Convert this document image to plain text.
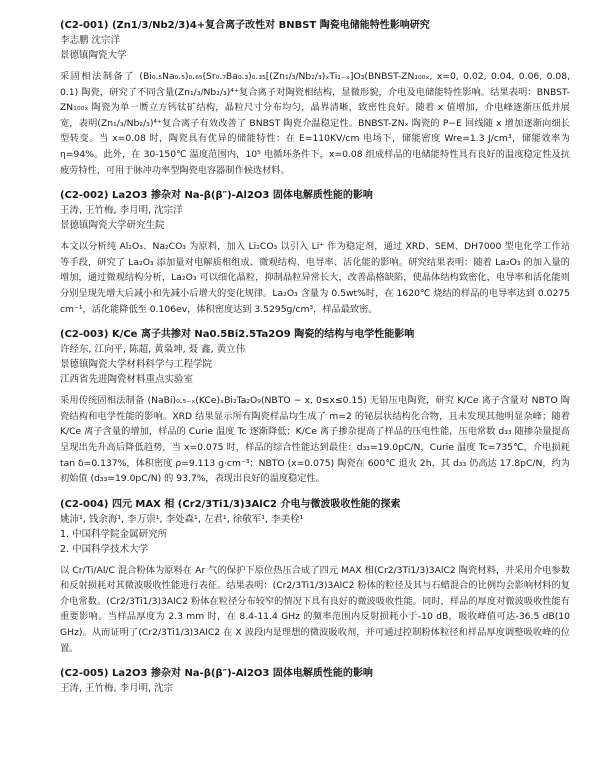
(C2-001) (Zn1/3/Nb2/3)4+复合离子改性对 BNBST 陶瓷电储能特性影响研究

李志鹏 沈宗洋

景德镇陶瓷大学

采固相法制备了 (Bi₀.₅Na₀.₅)₀.₆₅(Sr₀.₇Ba₀.₃)₀.₃₅[(Zn₁/₃/Nb₂/₃)ₓTi₁₋ₓ]O₃(BNBST-ZN₁₀₀ₓ, x=0, 0.02, 0.04, 0.06, 0.08, 0.1) 陶瓷，研究了不同含量(Zn₁/₃/Nb₂/₃)⁴⁺复合离子对陶瓷相结构，显微形貌，介电及电储能特性影响。结果表明：BNBST-ZN₁₀₀ₓ 陶瓷为单一赝立方钙钛矿结构，晶粒尺寸分布均匀，晶界清晰，致密性良好。随着 x 值增加，介电峰逐渐压低并展宽，表明(Zn₁/₃/Nb₂/₃)⁴⁺复合离子有效改善了 BNBST 陶瓷介温稳定性。BNBST-ZNₓ 陶瓷的 P−E 回线随 x 增加逐渐向细长型转变。当 x=0.08 时，陶瓷具有优异的储能特性：在 E=110KV/cm 电场下，储能密度 Wre=1.3 J/cm³，储能效率为 η=94%。此外，在 30-150℃ 温度范围内，10⁵ 电循环条件下，x=0.08 组成样品的电储能特性具有良好的温度稳定性及抗疲劳特性，可用于脉冲功率型陶瓷电容器制作候选材料。

(C2-002) La2O3 掺杂对 Na-β(β″)-Al2O3 固体电解质性能的影响

王涛, 王竹梅, 李月明, 沈宗洋

景德镇陶瓷大学研究生院

本文以分析纯 Al₂O₃、Na₂CO₃ 为原料，加入 Li₂CO₃ 以引入 Li⁺ 作为稳定剂，通过 XRD、SEM、DH7000 型电化学工作站等手段，研究了 La₂O₃ 添加量对电解质相组成、微观结构、电导率、活化能的影响。研究结果表明：随着 La₂O₃ 的加入量的增加，通过微观结构分析，La₂O₃ 可以细化晶粒，抑制晶粒异常长大，改善晶格缺陷，使晶体结构致密化，电导率和活化能则分别呈现先增大后减小和先减小后增大的变化规律。La₂O₃ 含量为 0.5wt%时，在 1620℃ 烧结的样品的电导率达到 0.0275 cm⁻¹，活化能降低至 0.106ev，体积密度达到 3.5295g/cm³，样品最致密。

(C2-003) K/Ce 离子共掺对 Na0.5Bi2.5Ta2O9 陶瓷的结构与电学性能影响

许经东, 江向平, 陈超, 黄枭坤, 聂 鑫, 黄立伟

景德镇陶瓷大学材料科学与工程学院

江西省先进陶瓷材料重点实验室

采用传统固相法制备 (NaBi)₀.₅₋ₓ(KCe)ₓBi₂Ta₂O₉(NBTO − x, 0≤x≤0.15) 无铅压电陶瓷，研究 K/Ce 离子含量对 NBTO 陶瓷结构和电学性能的影响。XRD 结果显示所有陶瓷样品均生成了 m=2 的铋层状结构化合物，且未发现其他明显杂峰；随着 K/Ce 离子含量的增加，样品的 Curie 温度 Tc 逐渐降低；K/Ce 离子掺杂提高了样品的压电性能，压电常数 d₃₃ 随掺杂量提高呈现出先升高后降低趋势，当 x=0.075 时，样品的综合性能达到最佳：d₃₃=19.0pC/N，Curie 温度 Tc=735℃，介电损耗 tan δ=0.137%，体积密度 ρ=9.113 g·cm⁻³；NBTO (x=0.075) 陶瓷在 600℃ 退火 2h，其 d₃₃ 仍高达 17.8pC/N，约为初始值 (d₃₃=19.0pC/N) 的 93.7%，表现出良好的温度稳定性。

(C2-004) 四元 MAX 相 (Cr2/3Ti1/3)3AlC2 介电与微波吸收性能的探索

姚沛¹, 钱余海¹, 李万崇¹, 李处森¹, 左君¹, 徐敬军¹, 李美栓¹

1. 中国科学院金属研究所

2. 中国科学技术大学

以 Cr/Ti/Al/C 混合粉体为原料在 Ar 气的保护下原位热压合成了四元 MAX 相(Cr2/3Ti1/3)3AlC2 陶瓷材料，并采用介电参数和反射损耗对其微波吸收性能进行表征。结果表明：(Cr2/3Ti1/3)3AlC2 粉体的粒径及其与石蜡混合的比例均会影响材料的复介电常数。(Cr2/3Ti1/3)3AlC2 粉体在粒径分布较窄的情况下具有良好的微波吸收性能。同时，样品的厚度对微波吸收性能有重要影响。当样品厚度为 2.3 mm 时，在 8.4-11.4 GHz 的频率范围内反射损耗小于-10 dB，吸收峰值可达-36.5 dB(10 GHz)。从而证明了(Cr2/3Ti1/3)3AlC2 在 X 波段内是理想的微波吸收剂，并可通过控制粉体粒径和样品厚度调整吸收峰的位置。

(C2-005) La2O3 掺杂对 Na-β(β″)-Al2O3 固体电解质性能的影响

王涛, 王竹梅, 李月明, 沈宗
